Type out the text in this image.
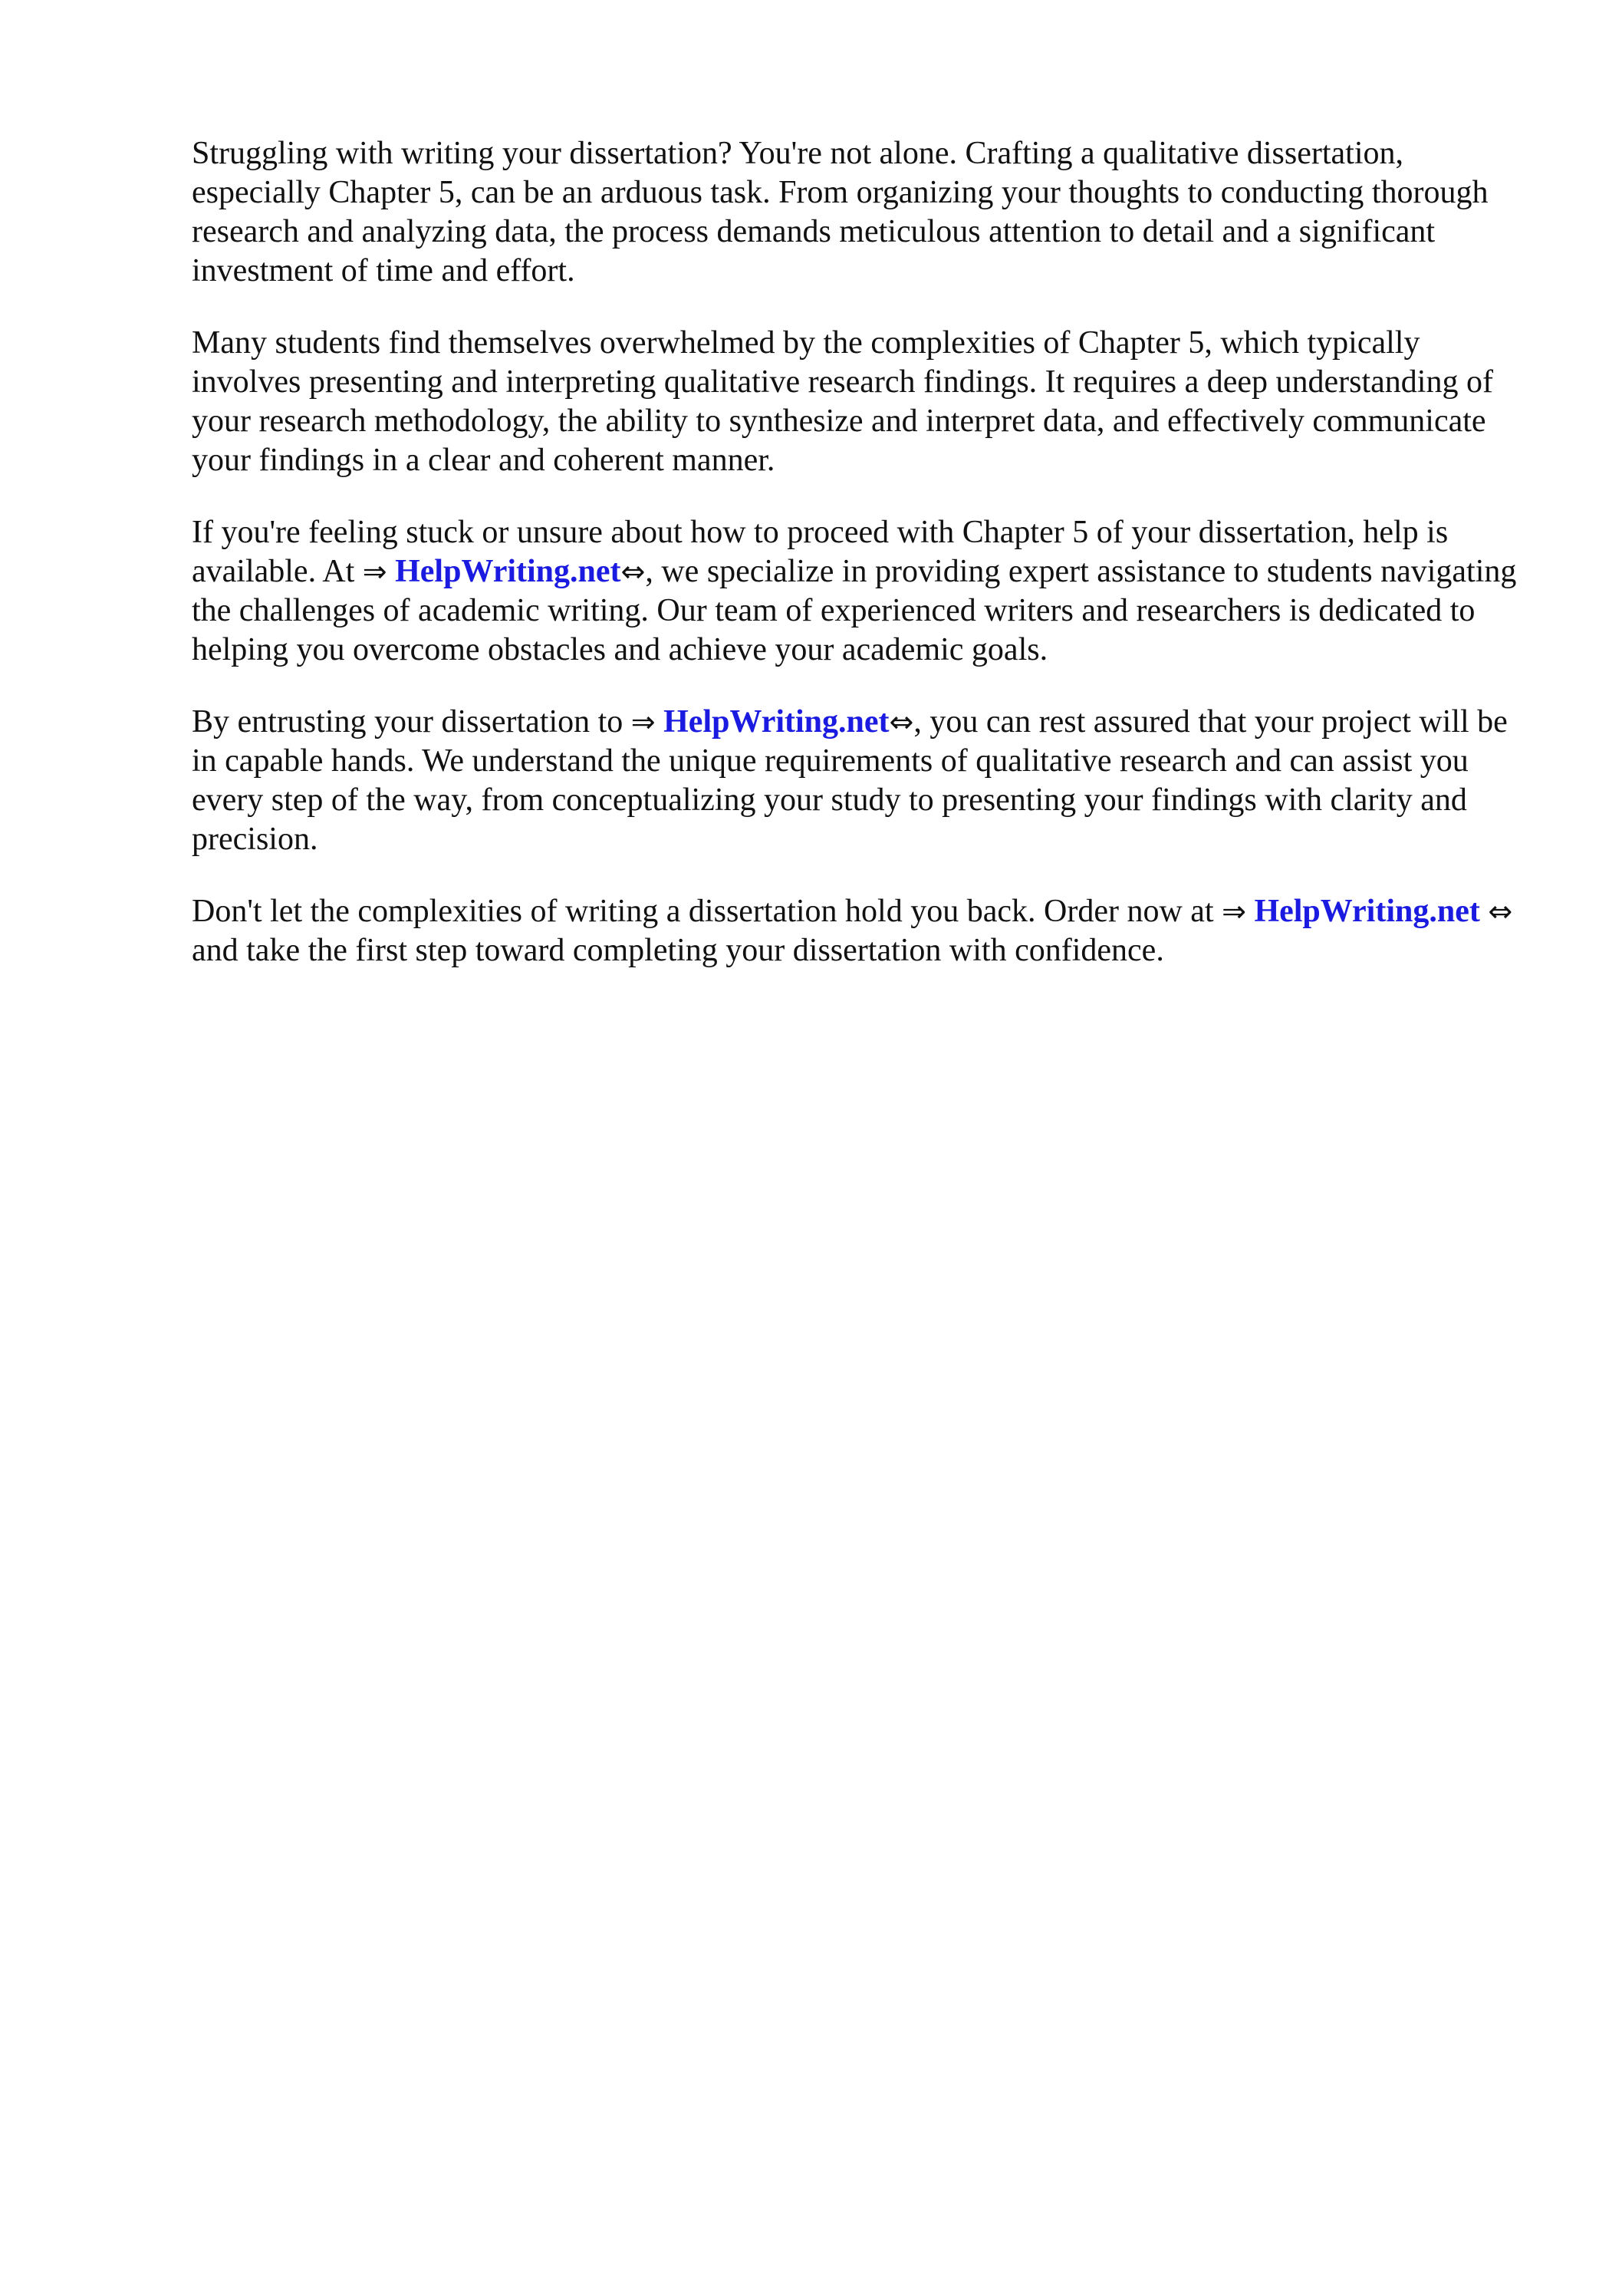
Struggling with writing your dissertation? You're not alone. Crafting a qualitative dissertation, especially Chapter 5, can be an arduous task. From organizing your thoughts to conducting thorough research and analyzing data, the process demands meticulous attention to detail and a significant investment of time and effort.

Many students find themselves overwhelmed by the complexities of Chapter 5, which typically involves presenting and interpreting qualitative research findings. It requires a deep understanding of your research methodology, the ability to synthesize and interpret data, and effectively communicate your findings in a clear and coherent manner.

If you're feeling stuck or unsure about how to proceed with Chapter 5 of your dissertation, help is available. At ⇒ HelpWriting.net⇔, we specialize in providing expert assistance to students navigating the challenges of academic writing. Our team of experienced writers and researchers is dedicated to helping you overcome obstacles and achieve your academic goals.

By entrusting your dissertation to ⇒ HelpWriting.net⇔, you can rest assured that your project will be in capable hands. We understand the unique requirements of qualitative research and can assist you every step of the way, from conceptualizing your study to presenting your findings with clarity and precision.

Don't let the complexities of writing a dissertation hold you back. Order now at ⇒ HelpWriting.net ⇔ and take the first step toward completing your dissertation with confidence.
